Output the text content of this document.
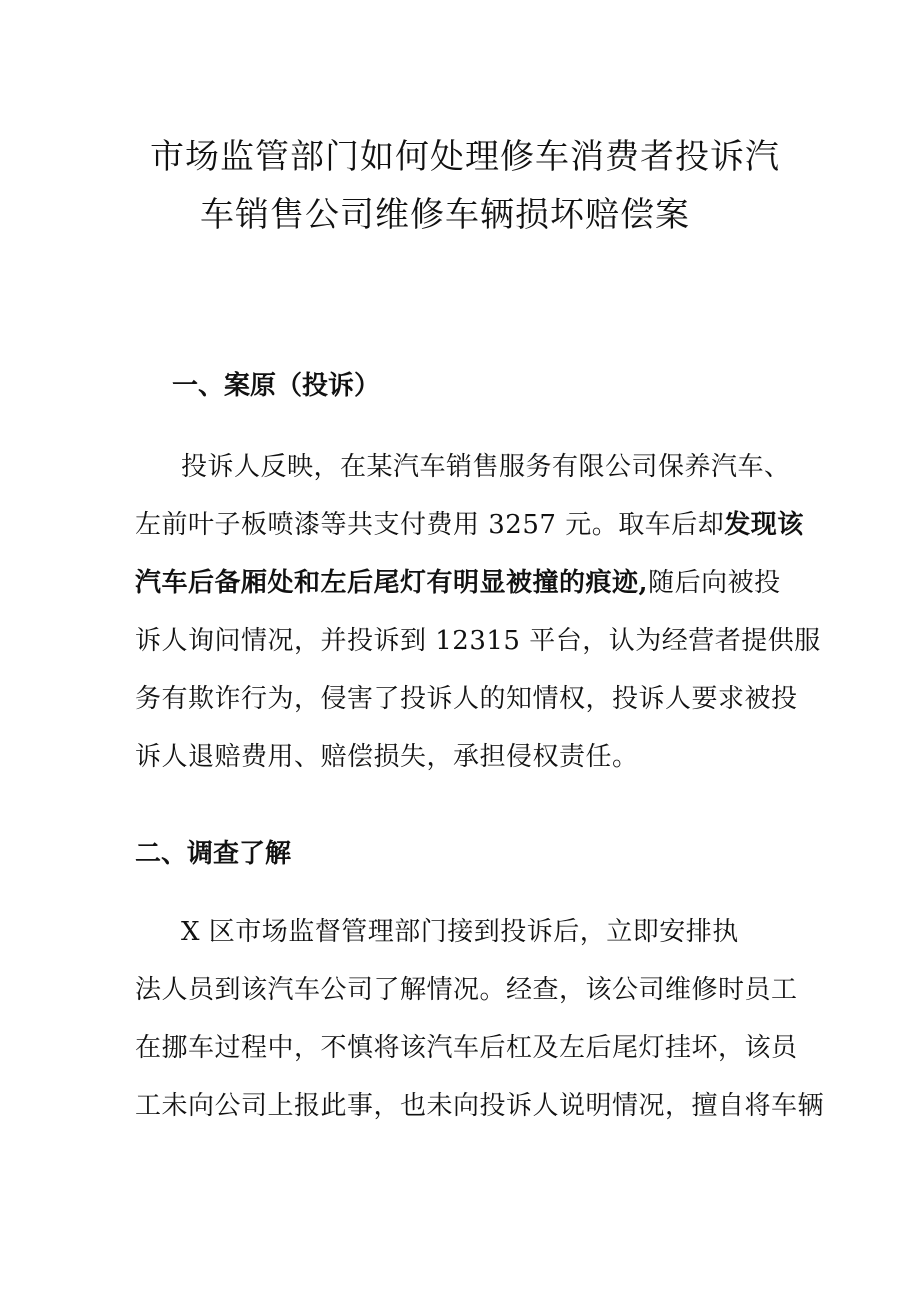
市场监管部门如何处理修车消费者投诉汽
车销售公司维修车辆损坏赔偿案
一、案原（投诉）
投诉人反映，在某汽车销售服务有限公司保养汽车、
左前叶子板喷漆等共支付费用 3257 元。取车后却发现该
汽车后备厢处和左后尾灯有明显被撞的痕迹,随后向被投
诉人询问情况，并投诉到 12315 平台，认为经营者提供服
务有欺诈行为，侵害了投诉人的知情权，投诉人要求被投
诉人退赔费用、赔偿损失，承担侵权责任。
二、调查了解
X 区市场监督管理部门接到投诉后，立即安排执
法人员到该汽车公司了解情况。经查，该公司维修时员工
在挪车过程中，不慎将该汽车后杠及左后尾灯挂坏，该员
工未向公司上报此事，也未向投诉人说明情况，擅自将车辆
